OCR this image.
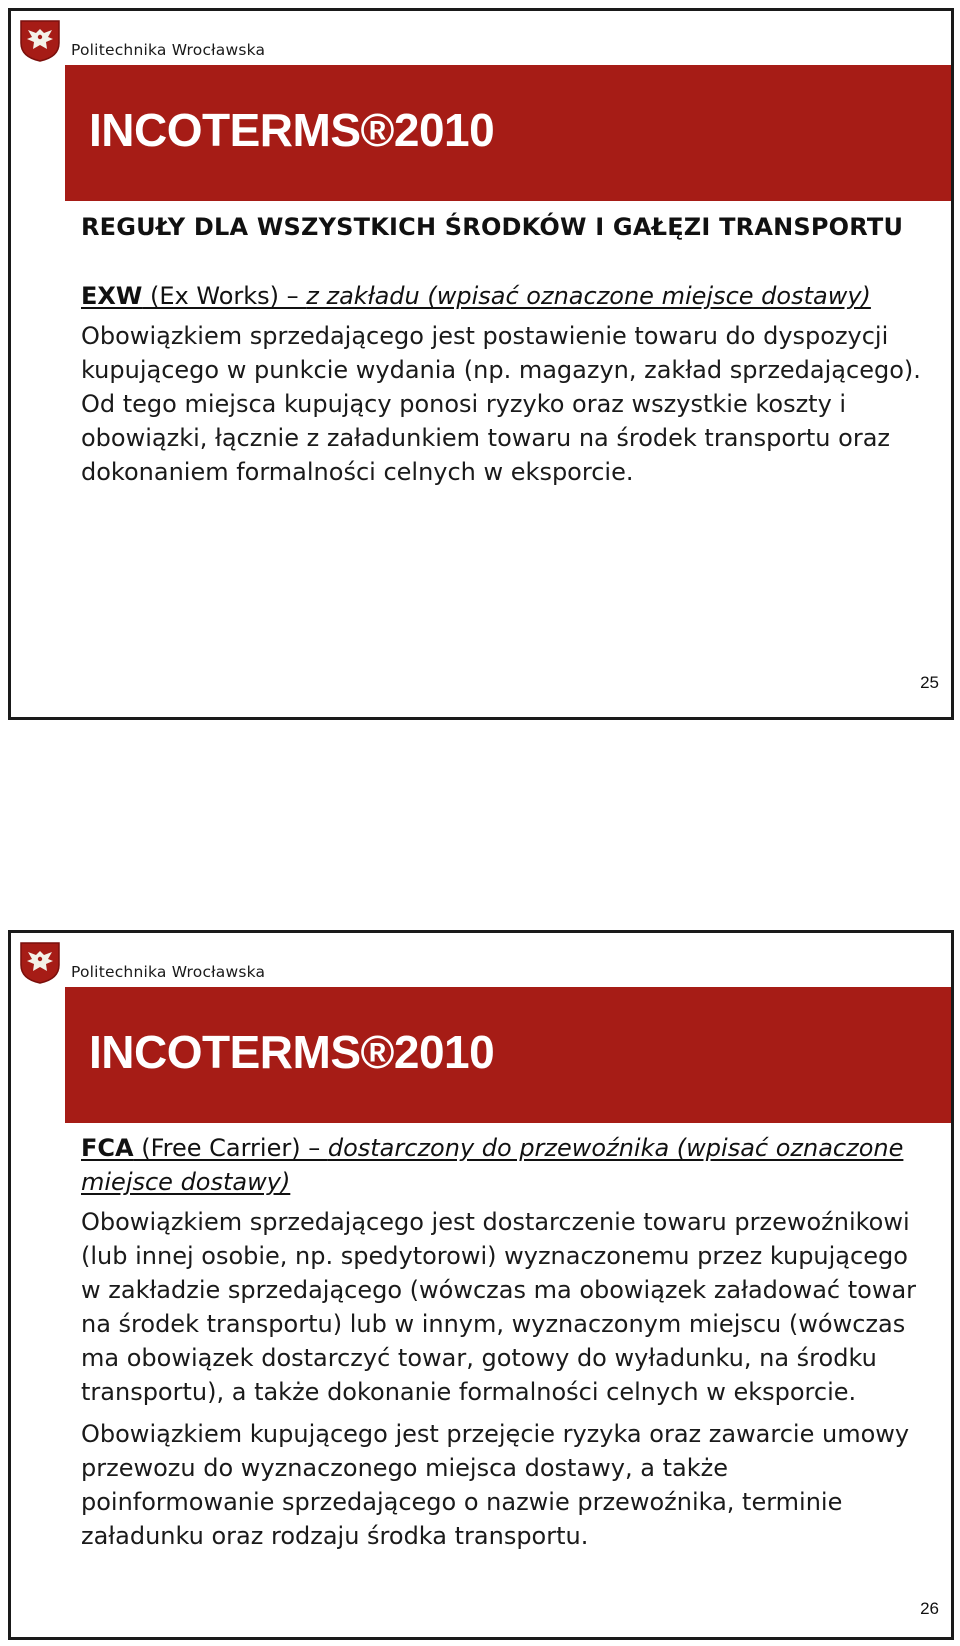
Politechnika Wrocławska
INCOTERMS®2010
REGUŁY DLA WSZYSTKICH ŚRODKÓW I GAŁĘZI TRANSPORTU
EXW (Ex Works) – z zakładu (wpisać oznaczone miejsce dostawy)

Obowiązkiem sprzedającego jest postawienie towaru do dyspozycji kupującego w punkcie wydania (np. magazyn, zakład sprzedającego). Od tego miejsca kupujący ponosi ryzyko oraz wszystkie koszty i obowiązki, łącznie z załadunkiem towaru na środek transportu oraz dokonaniem formalności celnych w eksporcie.

25
Politechnika Wrocławska
INCOTERMS®2010
FCA (Free Carrier) – dostarczony do przewoźnika (wpisać oznaczone miejsce dostawy)

Obowiązkiem sprzedającego jest dostarczenie towaru przewoźnikowi (lub innej osobie, np. spedytorowi) wyznaczonemu przez kupującego w zakładzie sprzedającego (wówczas ma obowiązek załadować towar na środek transportu) lub w innym, wyznaczonym miejscu (wówczas ma obowiązek dostarczyć towar, gotowy do wyładunku, na środku transportu), a także dokonanie formalności celnych w eksporcie.

Obowiązkiem kupującego jest przejęcie ryzyka oraz zawarcie umowy przewozu do wyznaczonego miejsca dostawy, a także poinformowanie sprzedającego o nazwie przewoźnika, terminie załadunku oraz rodzaju środka transportu.

26
